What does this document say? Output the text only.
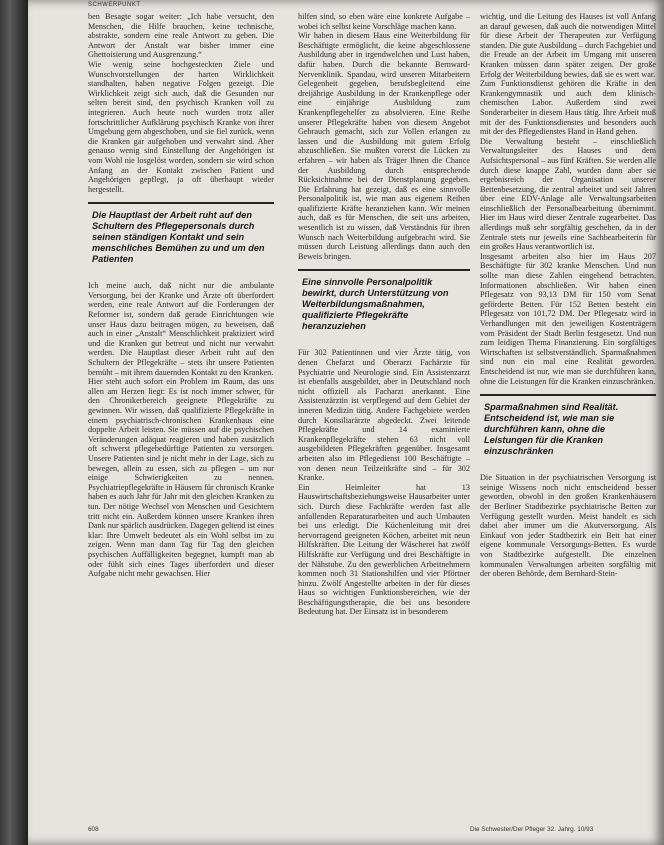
SCHWERPUNKT

ben Besagte sogar weiter: „Ich habe versucht, den Menschen, die Hilfe brauchen, keine technische, abstrakte, sondern eine reale Antwort zu geben. Die Antwort der Anstalt war bisher immer eine Ghettoisierung und Ausgrenzung.“

Wie wenig seine hochgesteckten Ziele und Wunschvorstellungen der harten Wirklichkeit standhalten, haben negative Folgen gezeigt. Die Wirklichkeit zeigt sich auch, daß die Gesunden nur selten bereit sind, den psychisch Kranken voll zu integrieren. Auch heute noch wurden trotz aller fortschrittlicher Aufklärung psychisch Kranke von ihrer Umgebung gern abgeschoben, und sie fiel zurück, wenn die Kranken gar aufgehoben und verwahrt sind. Aber genauso wenig sind Einstellung der Angehörigen ist vom Wohl nie losgelöst worden, sondern sie wird schon Anfang an der Kontakt zwischen Patient und Angehörigen gepflegt, ja oft überhaupt wieder hergestellt.

Die Hauptlast der Arbeit ruht auf den Schultern des Pflegepersonals durch seinen ständigen Kontakt und sein menschliches Bemühen zu und um den Patienten

Ich meine auch, daß nicht nur die ambulante Versorgung, bei der Kranke und Ärzte oft überfordert werden, eine reale Antwort auf die Forderungen der Reformer ist, sondern daß gerade Einrichtungen wie unser Haus dazu beitragen mögen, zu beweisen, daß auch in einer „Anstalt“ Menschlichkeit praktiziert wird und die Kranken gut betreut und nicht nur verwahrt werden. Die Hauptlast dieser Arbeit ruht auf den Schultern der Pflegekräfte – stets ihr unsere Patienten bemüht – mit ihrem dauernden Kontakt zu den Kranken.

Hier steht auch sofort ein Problem im Raum, das uns allen am Herzen liegt: Es ist noch immer schwer, für den Chronikerbereich geeignete Pflegekräfte zu gewinnen. Wir wissen, daß qualifizierte Pflegekräfte in einem psychiatrisch-chronischen Krankenhaus eine doppelte Arbeit leisten. Sie müssen auf die psychischen Veränderungen adäquat reagieren und haben zusätzlich oft schwerst pflegebedürftige Patienten zu versorgen. Unsere Patienten sind je nicht mehr in der Lage, sich zu bewegen, allein zu essen, sich zu pflegen – um nur einige Schwierigkeiten zu nennen. Psychiatriepflegekräfte in Häusern für chronisch Kranke haben es auch Jahr für Jahr mit den gleichen Kranken zu tun. Der nötige Wechsel von Menschen und Gesichtern tritt nicht ein. Außerdem können unsere Kranken ihren Dank nur spärlich ausdrücken. Dagegen geltend ist eines klar: Ihre Umwelt bedeutet als ein Wohl selbst im zu zeigen. Wenn man dann Tag für Tag den gleichen psychischen Auffälligkeiten begegnet, kumpft man ab oder fühlt sich eines Tages überfordert und dieser Aufgabe nicht mehr gewachsen. Hier

hilfen sind, so eben wäre eine konkrete Aufgabe – wobei ich selbst keine Vorschläge machen kann.

Wir haben in diesem Haus eine Weiterbildung für Beschäftigte ermöglicht, die keine abgeschlossene Ausbildung aber in irgendwelchen und Lust haben, dafür haben. Durch die bekannte Bernward-Nervenklinik. Spandau, wird unseren Mitarbeitern Gelegenheit gegeben, berufsbegleitend eine dreijährige Ausbildung in der Krankenpflege oder eine einjährige Ausbildung zum Krankenpflegehelfer zu absolvieren. Eine Reihe unserer Pflegekräfte haben von diesem Angebot Gebrauch gemacht, sich zur Vollen erlangen zu lassen und die Ausbildung mit gutem Erfolg abzuschließen. Sie mußten vorerst die Lücken zu erfahren – wir haben als Träger Ihnen die Chance der Ausbildung durch entsprechende Rücksichtnahme bei der Dienstplanung gegeben. Die Erfahrung hat gezeigt, daß es eine sinnvolle Personalpolitik ist, wie man aus eigenem Reihen qualifizierte Kräfte heranziehen kann. Wir meinen auch, daß es für Menschen, die seit uns arbeiten, wesentlich ist zu wissen, daß Verständnis für ihren Wunsch nach Weiterbildung aufgebracht wird. Sie müssen durch Leistung allerdings dann auch den Beweis bringen.

Eine sinnvolle Personalpolitik bewirkt, durch Unterstützung von Weiterbildungsmaßnahmen, qualifizierte Pflegekräfte heranzuziehen

Für 302 Patientinnen und vier Ärzte tätig, von denen Chefarzt und Oberarzt Fachärzte für Psychiatrie und Neurologie sind. Ein Assistenzarzt ist ebenfalls ausgebildet, aber in Deutschland noch nicht offiziell als Facharzt anerkannt. Eine Assistenzärztin ist verpflegend auf dem Gebiet der inneren Medizin tätig. Andere Fachgebiete werden durch Konsiliarärzte abgedeckt. Zwei leitende Pflegekräfte und 14 examinierte Krankenpflegekräfte stehen 63 nicht voll ausgebildeten Pflegekräften gegenüber. Insgesamt arbeiten also im Pflegedienst 100 Beschäftigte – von denen neun Teilzeitkräfte sind – für 302 Kranke.

Ein Heimleiter hat 13 Hauswirtschaftsbeziehungsweise Hausarbeiter unter sich. Durch diese Fachkräfte werden fast alle anfallenden Reparaturarbeiten und auch Umbauten bei uns erledigt. Die Küchenleitung mit drei hervorragend geeigneten Köchen, arbeitet mit neun Hilfskräften. Die Leitung der Wäscherei hat zwölf Hilfskräfte zur Verfügung und drei Beschäftigte in der Nähstube. Zu den gewerblichen Arbeitnehmern kommen noch 31 Stationshilfen und vier Pförtner hinzu. Zwölf Angestellte arbeiten in der für dieses Haus so wichtigen Funktionsbereichen, wie der Beschäftigungstherapie, die bei uns besondere Bedeutung hat. Der Einsatz ist in besonderem

wichtig, und die Leitung des Hauses ist voll Anfang an darauf gewesen, daß auch die notwendigen Mittel für diese Arbeit der Therapeuten zur Verfügung standen. Die gute Ausbildung – durch Fachgebiet und die Freude an der Arbeit im Umgang mit unseren Kranken müssen dann später zeigen. Der große Erfolg der Weiterbildung bewies, daß sie es wert war.

Zum Funktionsdienst gehören die Kräfte in den Krankengymnastik und auch dem klinisch-chemischen Labor. Außerdem sind zwei Sonderarbeiter in diesem Haus tätig. Ihre Arbeit muß mit der des Funktionsdienstes und besonders auch mit der des Pflegedienstes Hand in Hand gehen.

Die Verwaltung besteht – einschließlich Verwaltungsleiter des Hauses und dem Aufsichtspersonal – aus fünf Kräften. Sie werden alle durch diese knappe Zahl, wurden dann aber sie ergebnisreich der Organisation unserer Bettenbesetzung, die zentral arbeitet und seit Jahren über eine EDV-Anlage alle Verwaltungsarbeiten einschließlich der Personalbearbeitung übernimmt. Hier im Haus wird dieser Zentrale zugearbeitet. Das allerdings muß sehr sorgfältig geschehen, da in der Zentrale stets nur jeweils eine Sachbearbeiterin für ein großes Haus verantwortlich ist.

Insgesamt arbeiten also hier im Haus 207 Beschäftigte für 302 kranke Menschen. Und nun sollte man diese Zahlen eingehend betrachten. Informationen abschließen. Wir haben einen Pflegesatz von 93,13 DM für 150 vom Senat geförderte Betten. Für 152 Betten besteht ein Pflegesatz von 101,72 DM. Der Pflegesatz wird in Verhandlungen mit den jeweiligen Kostenträgern vom Präsident der Stadt Berlin festgesetzt. Und nun zum leidigen Thema Finanzierung. Ein sorgfältiges Wirtschaften ist selbstverständlich. Sparmaßnahmen sind nun ein mal eine Realität geworden. Entscheidend ist nur, wie man sie durchführen kann, ohne die Leistungen für die Kranken einzuschränken.

Sparmaßnahmen sind Realität. Entscheidend ist, wie man sie durchführen kann, ohne die Leistungen für die Kranken einzuschränken

Die Situation in der psychiatrischen Versorgung ist seinige Wissens noch nicht entscheidend besser geworden, obwohl in den großen Krankenhäusern der Berliner Stadtbezirke psychiatrische Betten zur Verfügung gestellt wurden. Meist handelt es sich dabei aber immer um die Akutversorgung. Als Einkauf von jeder Stadtbezirk ein Bett hat einer eigene kommunale Versorgungs-Betten. Es wurde von Stadtbezirke aufgestellt. Die einzelnen kommunalen Verwaltungen arbeiten sorgfältig mit der oberen Behörde, dem Bernhard-Stein-

608	Die Schwester/Der Pfleger 32. Jahrg. 10/93
